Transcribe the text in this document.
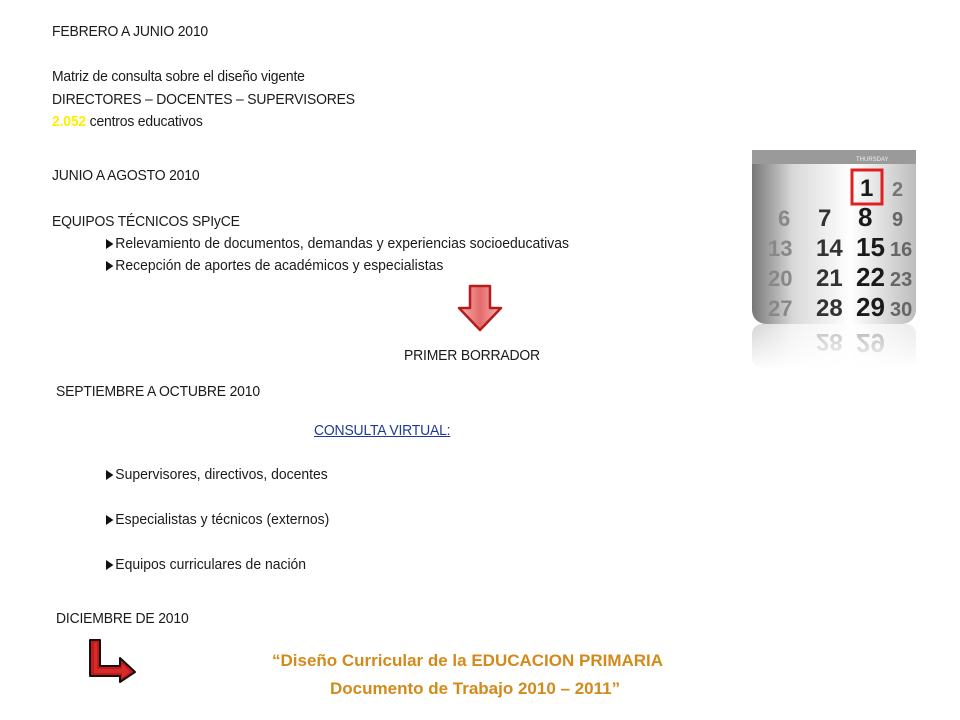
FEBRERO A JUNIO 2010
Matriz de consulta sobre el diseño vigente
DIRECTORES – DOCENTES – SUPERVISORES
2.052 centros educativos
JUNIO A AGOSTO 2010
EQUIPOS TÉCNICOS SPIyCE
Relevamiento de documentos, demandas y experiencias socioeducativas
Recepción de aportes de académicos y especialistas
PRIMER BORRADOR
SEPTIEMBRE A OCTUBRE 2010
CONSULTA VIRTUAL:
Supervisores, directivos, docentes
Especialistas y técnicos (externos)
Equipos curriculares de nación
DICIEMBRE DE 2010
“Diseño Curricular de la EDUCACION PRIMARIA
Documento de Trabajo 2010 – 2011”
THURSDAY
1 2
6 7 8 9
13 14 15 16
20 21 22 23
27 28 29 30
